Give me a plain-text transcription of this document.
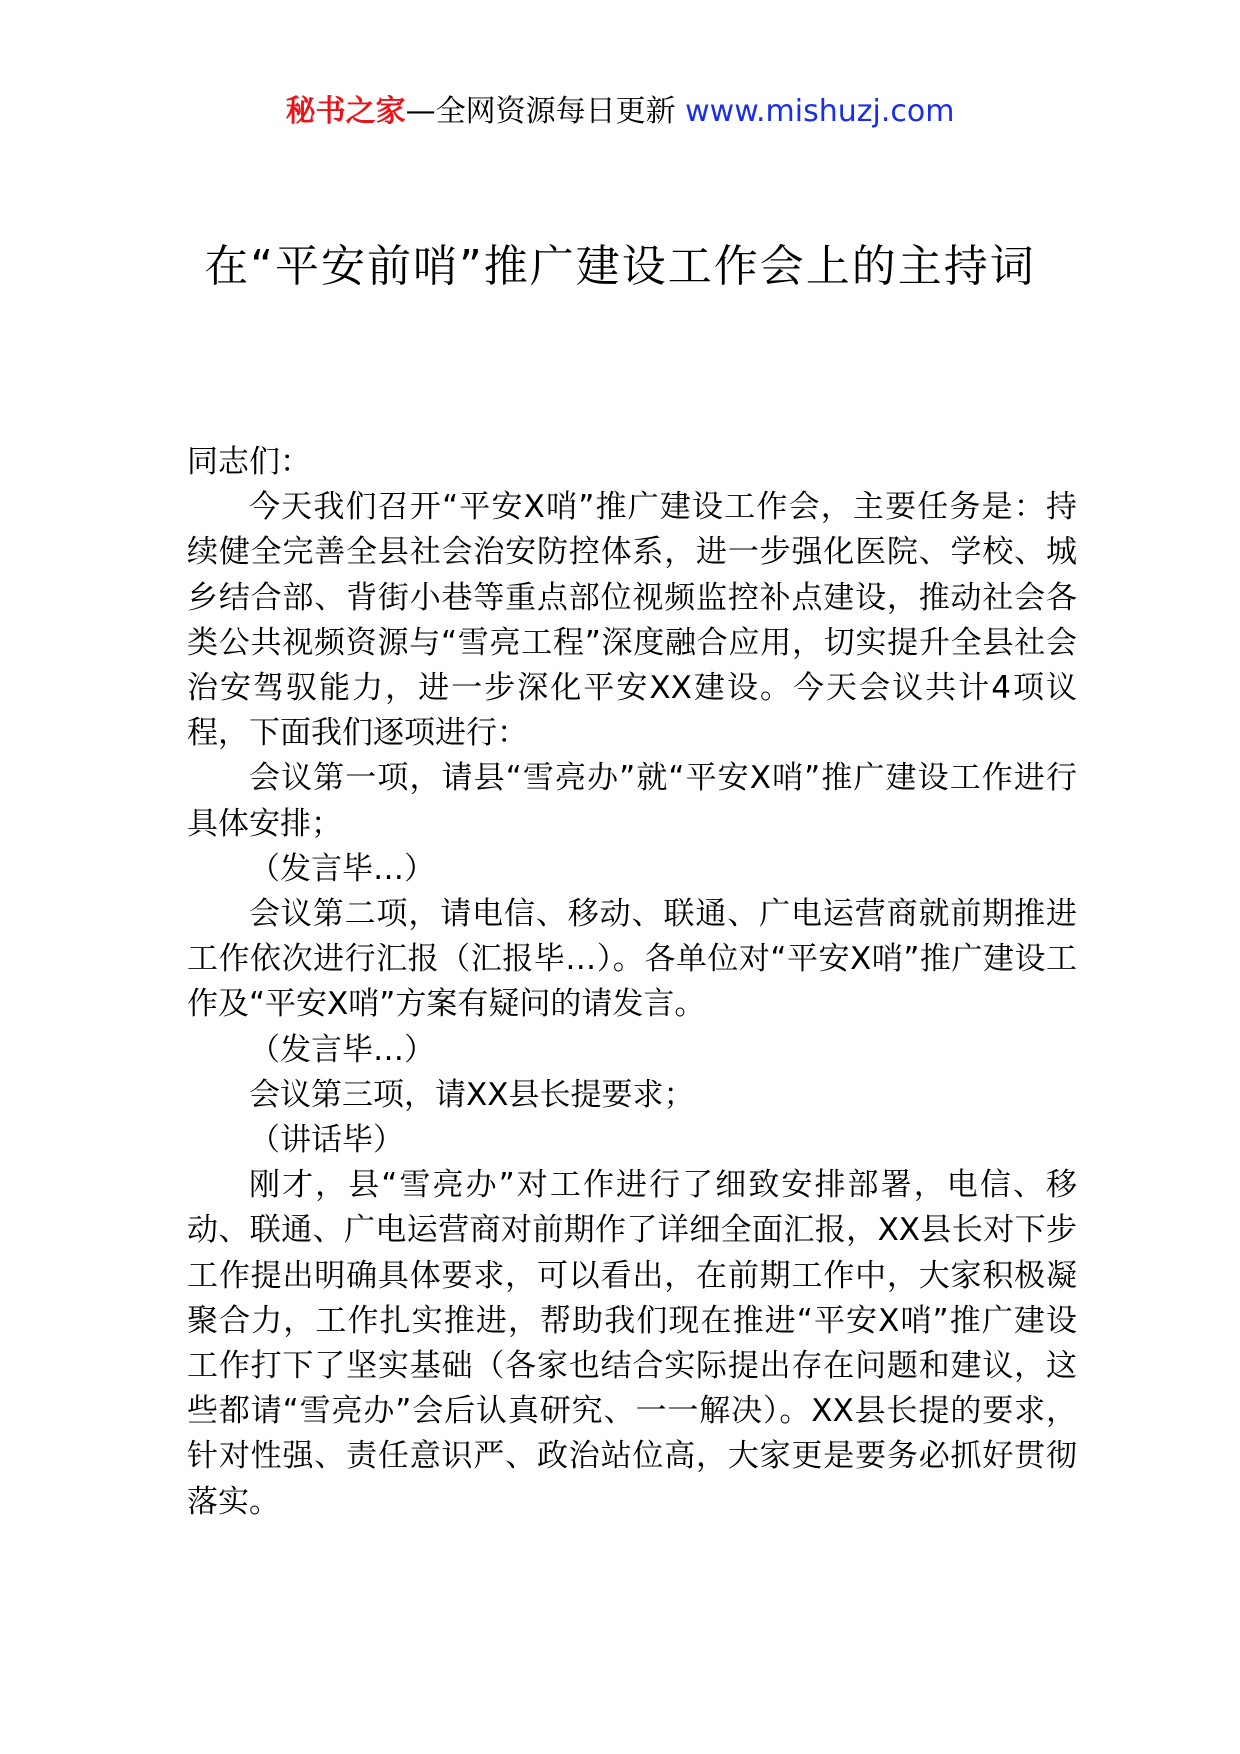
秘书之家—全网资源每日更新 www.mishuzj.com
在“平安前哨”推广建设工作会上的主持词

同志们：

今天我们召开“平安X哨”推广建设工作会，主要任务是：持续健全完善全县社会治安防控体系，进一步强化医院、学校、城乡结合部、背街小巷等重点部位视频监控补点建设，推动社会各类公共视频资源与“雪亮工程”深度融合应用，切实提升全县社会治安驾驭能力，进一步深化平安XX建设。今天会议共计4项议程，下面我们逐项进行：

会议第一项，请县“雪亮办”就“平安X哨”推广建设工作进行具体安排；

（发言毕…）

会议第二项，请电信、移动、联通、广电运营商就前期推进工作依次进行汇报（汇报毕…）。各单位对“平安X哨”推广建设工作及“平安X哨”方案有疑问的请发言。

（发言毕…）

会议第三项，请XX县长提要求；

（讲话毕）

刚才，县“雪亮办”对工作进行了细致安排部署，电信、移动、联通、广电运营商对前期作了详细全面汇报，XX县长对下步工作提出明确具体要求，可以看出，在前期工作中，大家积极凝聚合力，工作扎实推进，帮助我们现在推进“平安X哨”推广建设工作打下了坚实基础（各家也结合实际提出存在问题和建议，这些都请“雪亮办”会后认真研究、一一解决）。XX县长提的要求，针对性强、责任意识严、政治站位高，大家更是要务必抓好贯彻落实。
